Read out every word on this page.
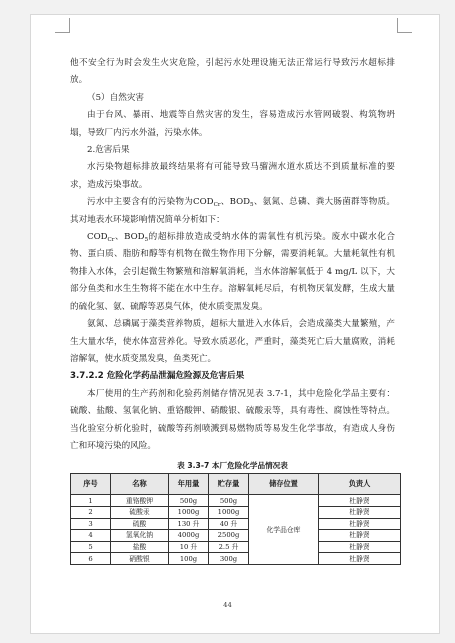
他不安全行为时会发生火灾危险，引起污水处理设施无法正常运行导致污水超标排放。

（5）自然灾害

由于台风、暴雨、地震等自然灾害的发生，容易造成污水管网破裂、构筑物坍塌，导致厂内污水外溢，污染水体。

2.危害后果

水污染物超标排放最终结果将有可能导致马骝洲水道水质达不到质量标准的要求，造成污染事故。

污水中主要含有的污染物为$COD_{Cr}$、$BOD_5$、氨氮、总磷、粪大肠菌群等物质。其对地表水环境影响情况简单分析如下：

$COD_{Cr}$、$BOD_5$的超标排放造成受纳水体的需氧性有机污染。废水中碳水化合物、蛋白质、脂肪和醇等有机物在微生物作用下分解，需要消耗氧。大量耗氧性有机物排入水体，会引起微生物繁殖和溶解氧消耗，当水体溶解氧低于 4 mg/L 以下，大部分鱼类和水生生物将不能在水中生存。溶解氧耗尽后，有机物厌氧发酵，生成大量的硫化氢、氨、硫醇等恶臭气体，使水质变黑发臭。

氨氮、总磷属于藻类营养物质，超标大量进入水体后，会造成藻类大量繁殖，产生大量水华，使水体富营养化。导致水质恶化，严重时，藻类死亡后大量腐败，消耗溶解氧，使水质变黑发臭，鱼类死亡。

3.7.2.2 危险化学药品泄漏危险源及危害后果

本厂使用的生产药剂和化验药剂储存情况见表 3.7-1，其中危险化学品主要有：硫酸、盐酸、氢氧化钠、重铬酸钾、硝酸银、硫酸汞等，具有毒性、腐蚀性等特点。当化验室分析化验时，硫酸等药剂喷溅到易燃物质等易发生化学事故，有造成人身伤亡和环境污染的风险。

表 3.3-7 本厂危险化学品情况表
序号	名称	年用量	贮存量	储存位置	负责人
1	重铬酸钾	500g	500g	化学品仓库	杜静贤
2	硫酸汞	1000g	1000g		杜静贤
3	硫酸	130 升	40 升		杜静贤
4	氢氧化钠	4000g	2500g		杜静贤
5	盐酸	10 升	2.5 升		杜静贤
6	硝酸银	100g	300g		杜静贤
44
